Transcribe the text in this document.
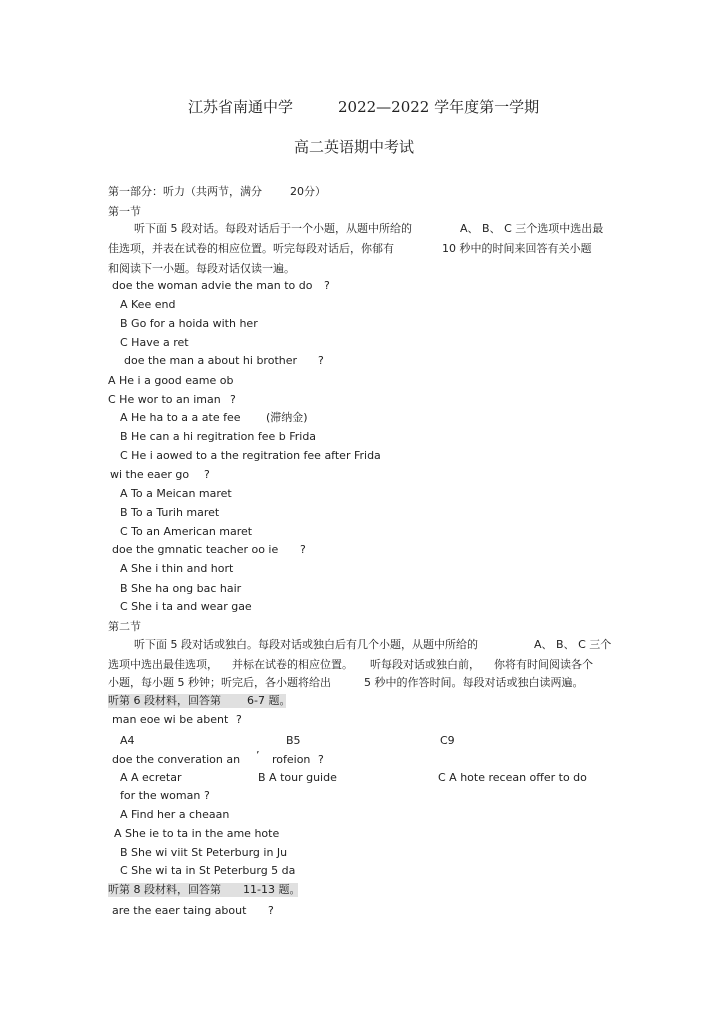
江苏省南通中学	2022—2022 学年度第一学期
高二英语期中考试
第一部分：听力（共两节，满分	20分）
第一节
听下面 5 段对话。每段对话后于一个小题，从题中所给的	A、 B、 C 三个选项中选出最
佳选项，并表在试卷的相应位置。听完每段对话后，你郁有	10 秒中的时间来回答有关小题
和阅读下一小题。每段对话仅读一遍。
doe the woman advie the man to do ?
A Kee end
B Go for a hoida with her
C Have a ret
doe the man a about hi brother ?
A He i a good eame ob
C He wor to an iman ?
A He ha to a a ate fee (滞纳金)
B He can a hi regitration fee b Frida
C He i aowed to a the regitration fee after Frida
wi the eaer go ?
A To a Meican maret
B To a Turih maret
C To an American maret
doe the gmnatic teacher oo ie ?
A She i thin and hort
B She ha ong bac hair
C She i ta and wear gae
第二节
听下面 5 段对话或独白。每段对话或独白后有几个小题，从题中所给的	A、 B、 C 三个
选项中选出最佳选项， 并标在试卷的相应位置。 听每段对话或独白前， 你将有时间阅读各个
小题，每小题 5 秒钟；听完后，各小题将给出	5 秒中的作答时间。每段对话或独白读两遍。
听第 6 段材料，回答第 6-7 题。
man eoe wi be abent ?
A4	B5	C9
doe the converation an ’ rofeion ?
A A ecretar	B A tour guide	C A hote recean offer to do
for the woman ?
A Find her a cheaan
A She ie to ta in the ame hote
B She wi viit St Peterburg in Ju
C She wi ta in St Peterburg 5 da
听第 8 段材料，回答第 11-13 题。
are the eaer taing about ?
